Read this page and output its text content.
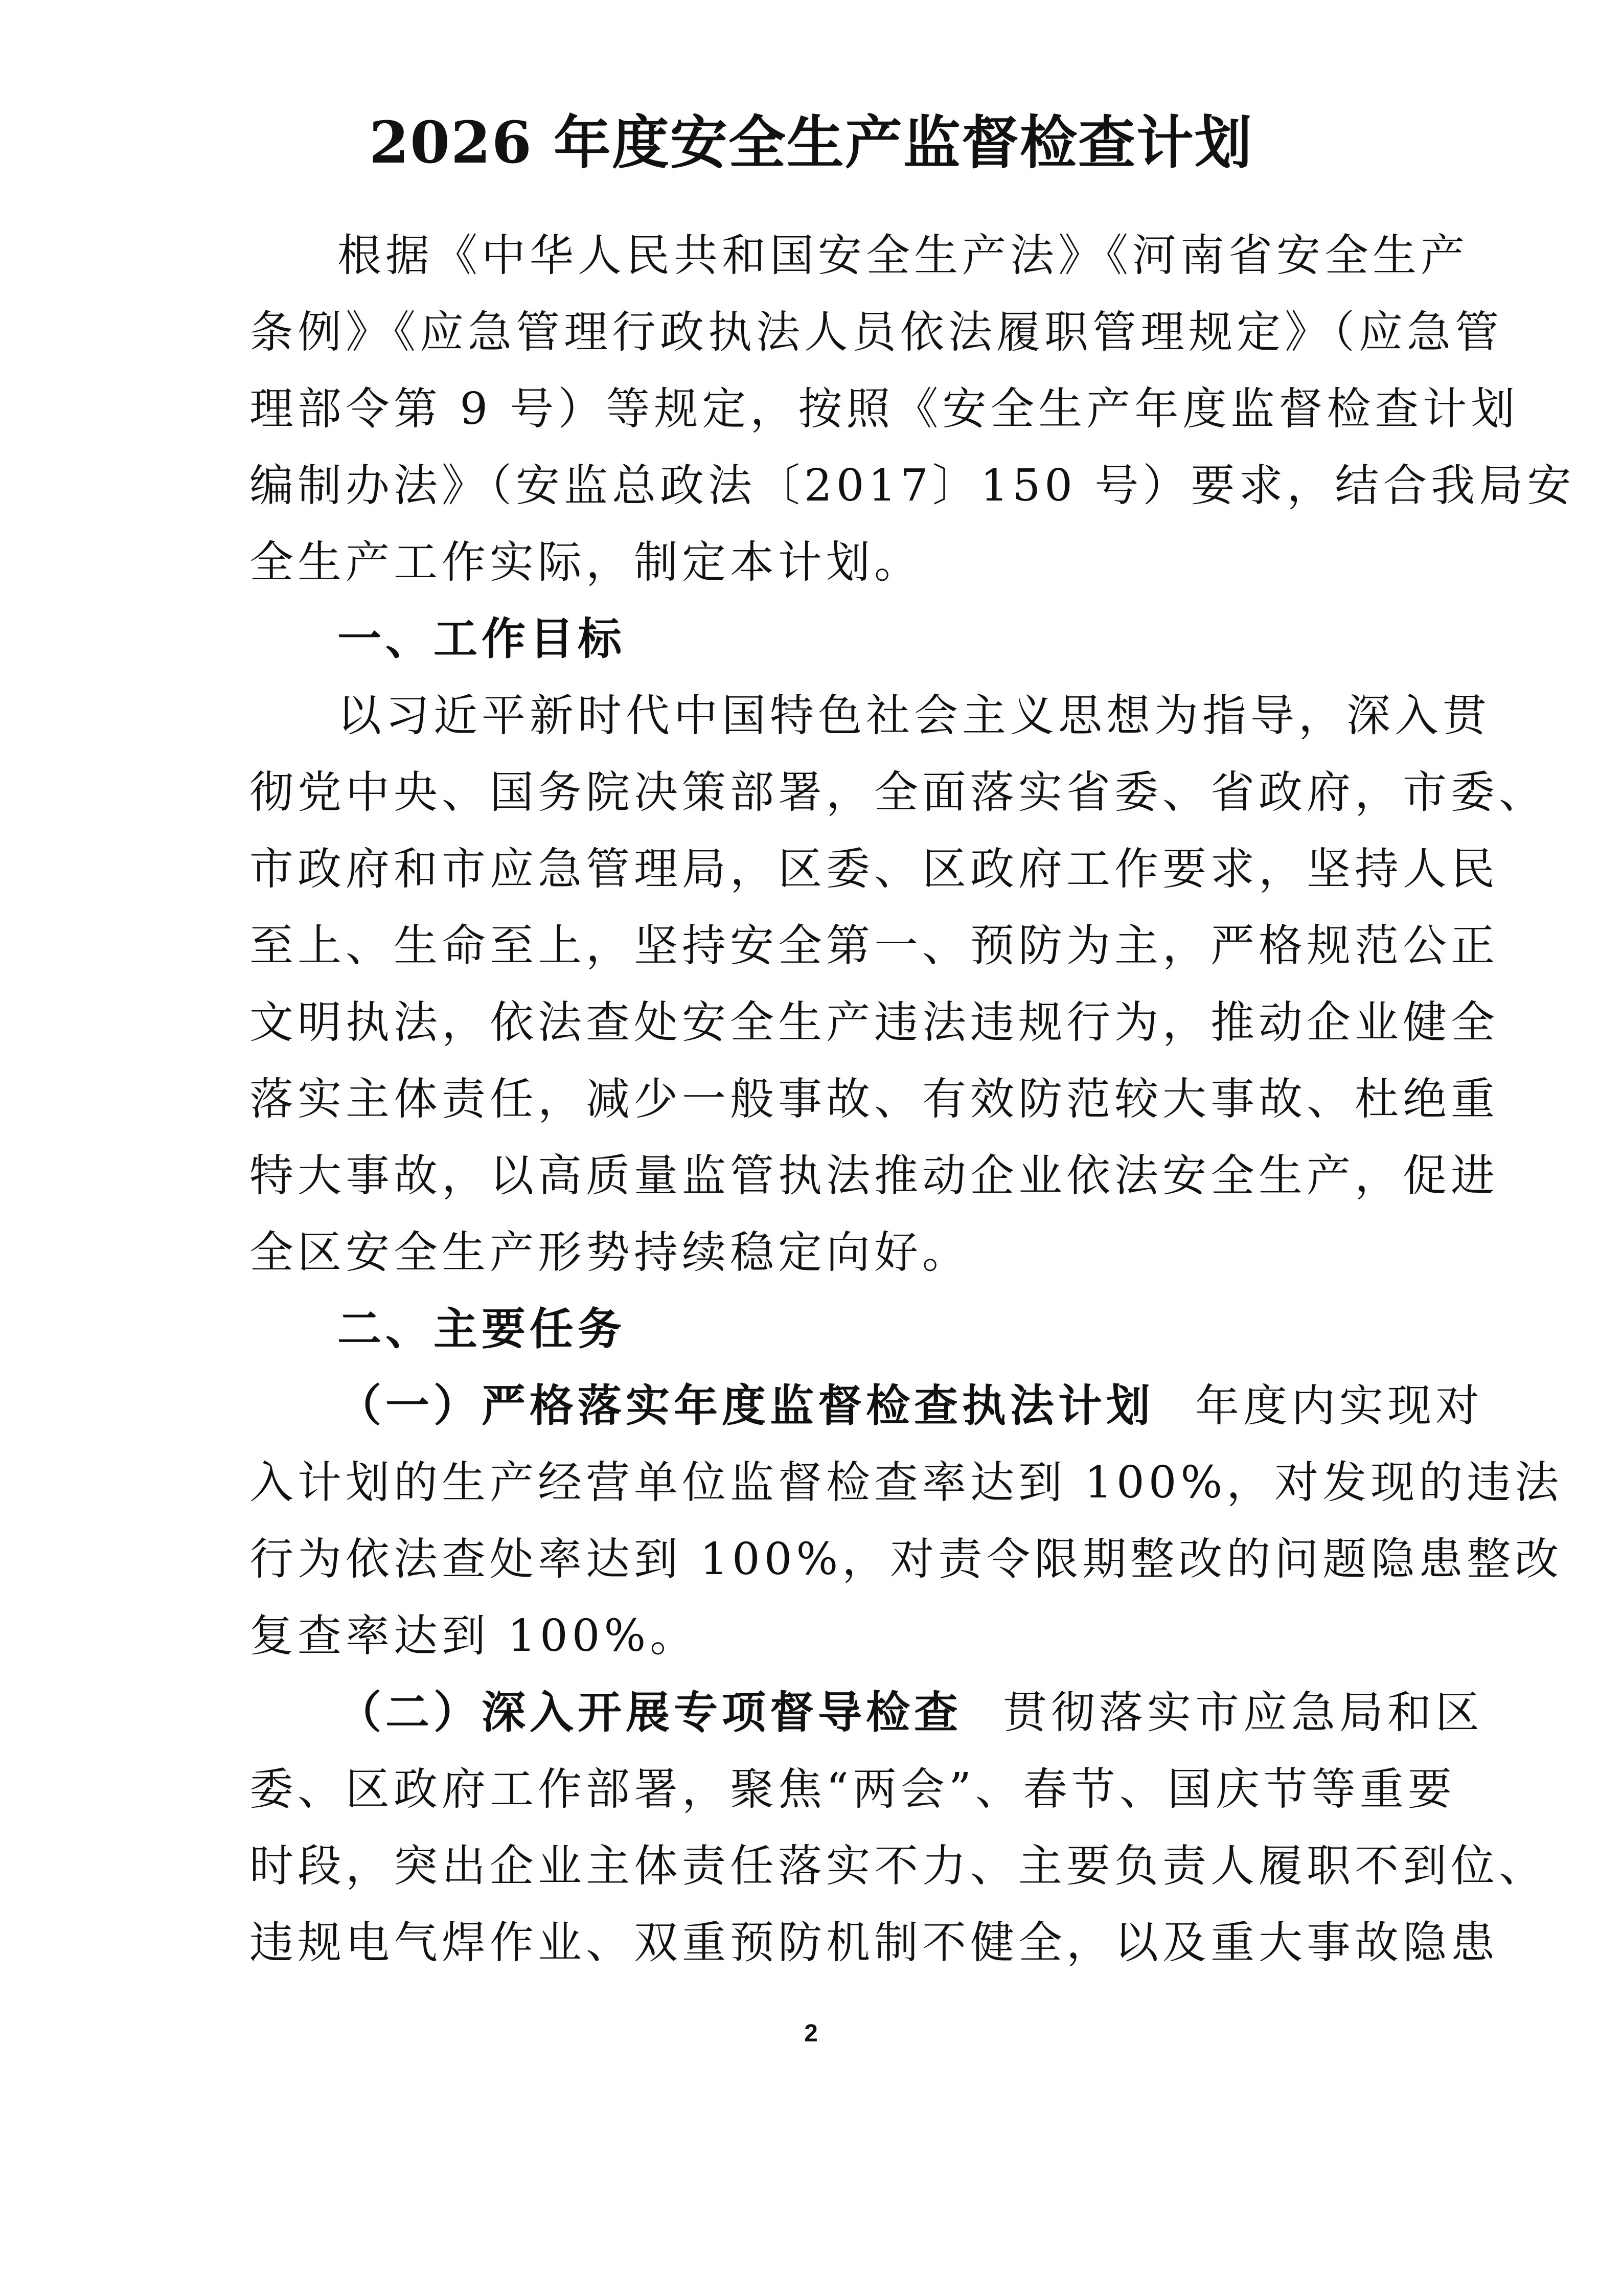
2026 年度安全生产监督检查计划
根据《中华人民共和国安全生产法》《河南省安全生产
条例》《应急管理行政执法人员依法履职管理规定》（应急管
理部令第 9 号）等规定，按照《安全生产年度监督检查计划
编制办法》（安监总政法〔2017〕150 号）要求，结合我局安
全生产工作实际，制定本计划。
一、工作目标
以习近平新时代中国特色社会主义思想为指导，深入贯
彻党中央、国务院决策部署，全面落实省委、省政府，市委、
市政府和市应急管理局，区委、区政府工作要求，坚持人民
至上、生命至上，坚持安全第一、预防为主，严格规范公正
文明执法，依法查处安全生产违法违规行为，推动企业健全
落实主体责任，减少一般事故、有效防范较大事故、杜绝重
特大事故，以高质量监管执法推动企业依法安全生产，促进
全区安全生产形势持续稳定向好。
二、主要任务
（一）严格落实年度监督检查执法计划 年度内实现对
入计划的生产经营单位监督检查率达到 100%，对发现的违法
行为依法查处率达到 100%，对责令限期整改的问题隐患整改
复查率达到 100%。
（二）深入开展专项督导检查 贯彻落实市应急局和区
委、区政府工作部署，聚焦“两会”、春节、国庆节等重要
时段，突出企业主体责任落实不力、主要负责人履职不到位、
违规电气焊作业、双重预防机制不健全，以及重大事故隐患
2
